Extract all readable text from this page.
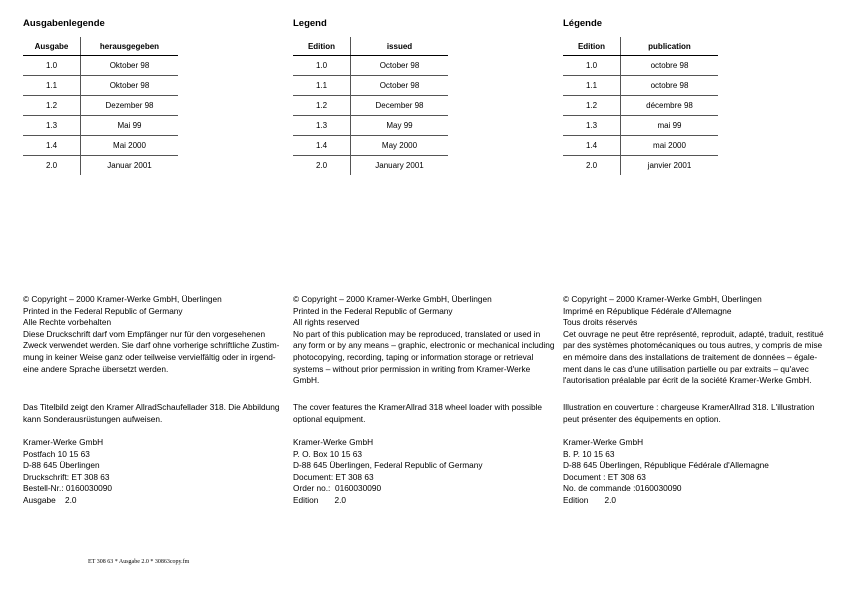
ET 308 63 * Ausgabe 2.0 * 30863copy.fm
Ausgabenlegende
Ausgabe	herausgegeben
1.0	Oktober 98
1.1	Oktober 98
1.2	Dezember 98
1.3	Mai 99
1.4	Mai 2000
2.0	Januar 2001
© Copyright – 2000 Kramer-Werke GmbH, Überlingen
Printed in the Federal Republic of Germany
Alle Rechte vorbehalten
Diese Druckschrift darf vom Empfänger nur für den vorgesehenen
Zweck verwendet werden. Sie darf ohne vorherige schriftliche Zustim-
mung in keiner Weise ganz oder teilweise vervielfältig oder in irgend-
eine andere Sprache übersetzt werden.
Das Titelbild zeigt den Kramer AllradSchaufellader 318. Die Abbildung
kann Sonderausrüstungen aufweisen.
Kramer-Werke GmbH
Postfach 10 15 63
D-88 645 Überlingen
Druckschrift: ET 308 63
Bestell-Nr.: 0160030090
Ausgabe    2.0
Legend
Edition	issued
1.0	October 98
1.1	October 98
1.2	December 98
1.3	May 99
1.4	May 2000
2.0	January 2001
© Copyright – 2000 Kramer-Werke GmbH, Überlingen
Printed in the Federal Republic of Germany
All rights reserved
No part of this publication may be reproduced, translated or used in
any form or by any means – graphic, electronic or mechanical including
photocopying, recording, taping or information storage or retrieval
systems – without prior permission in writing from Kramer-Werke
GmbH.
The cover features the KramerAllrad 318 wheel loader with possible
optional equipment.
Kramer-Werke GmbH
P. O. Box 10 15 63
D-88 645 Überlingen, Federal Republic of Germany
Document: ET 308 63
Order no.:  0160030090
Edition       2.0
Légende
Edition	publication
1.0	octobre 98
1.1	octobre 98
1.2	décembre 98
1.3	mai 99
1.4	mai 2000
2.0	janvier 2001
© Copyright – 2000 Kramer-Werke GmbH, Überlingen
Imprimé en République Fédérale d'Allemagne
Tous droits réservés
Cet ouvrage ne peut être représenté, reproduit, adapté, traduit, restitué
par des systèmes photomécaniques ou tous autres, y compris de mise
en mémoire dans des installations de traitement de données – égale-
ment dans le cas d'une utilisation partielle ou par extraits – qu'avec
l'autorisation préalable par écrit de la société Kramer-Werke GmbH.
Illustration en couverture : chargeuse KramerAllrad 318. L'illustration
peut présenter des équipements en option.
Kramer-Werke GmbH
B. P. 10 15 63
D-88 645 Überlingen, République Fédérale d'Allemagne
Document : ET 308 63
No. de commande :0160030090
Edition       2.0
